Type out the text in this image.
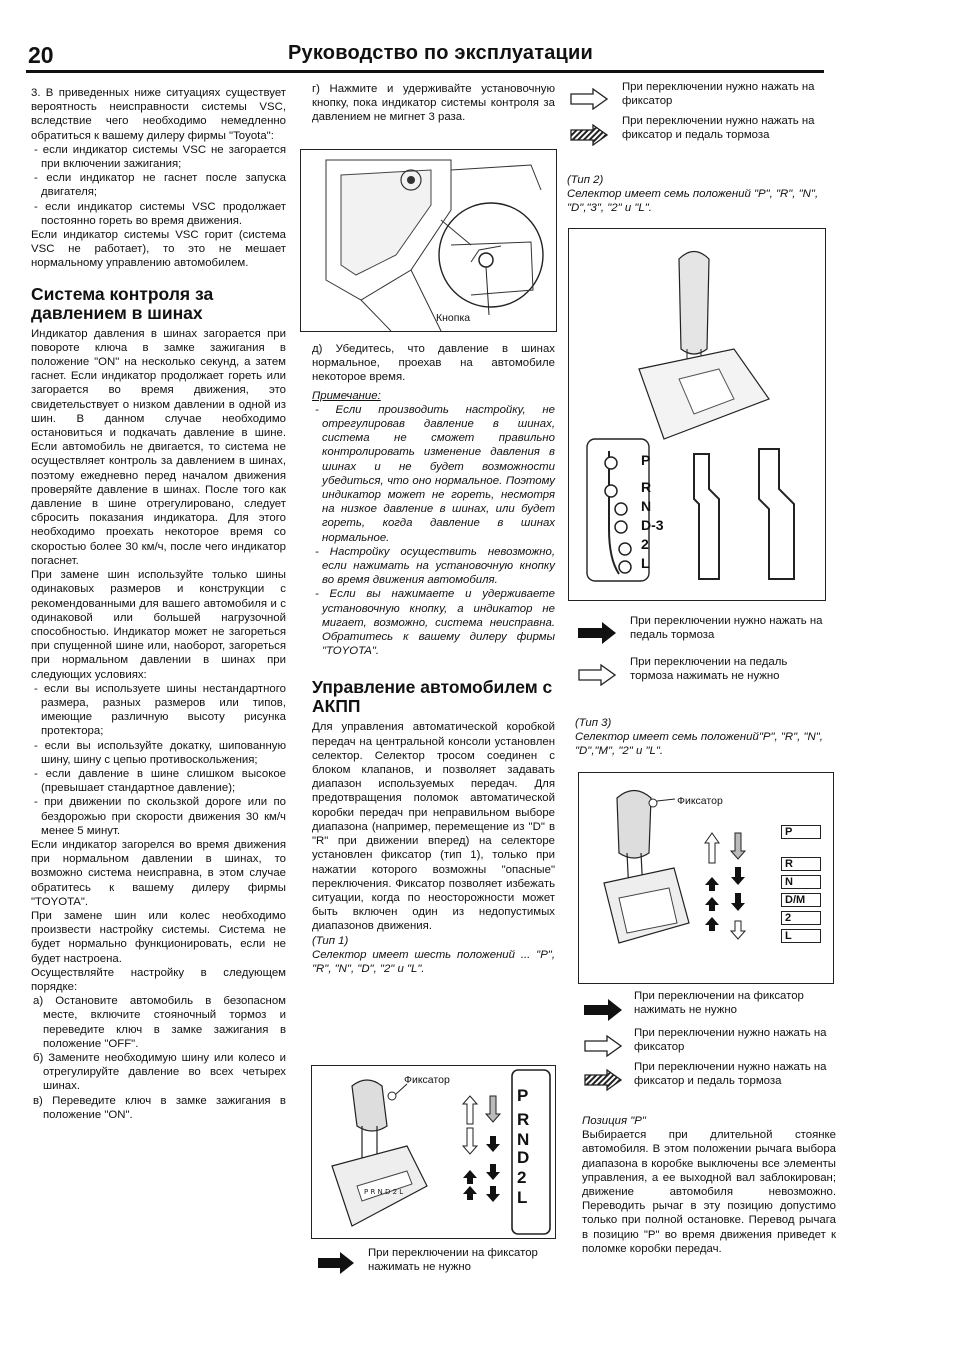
20	Руководство по эксплуатации

3. В приведенных ниже ситуациях существует вероятность неисправности системы VSC, вследствие чего необходимо немедленно обратиться к вашему дилеру фирмы "Toyota":

- если индикатор системы VSC не загорается при включении зажигания;

- если индикатор не гаснет после запуска двигателя;

- если индикатор системы VSC продолжает постоянно гореть во время движения.

Если индикатор системы VSC горит (система VSC не работает), то это не мешает нормальному управлению автомобилем.

Система контроля за давлением в шинах

Индикатор давления в шинах загорается при повороте ключа в замке зажигания в положение "ON" на несколько секунд, а затем гаснет. Если индикатор продолжает гореть или загорается во время движения, это свидетельствует о низком давлении в одной из шин. В данном случае необходимо остановиться и подкачать давление в шине. Если автомобиль не двигается, то система не осуществляет контроль за давлением в шинах, поэтому ежедневно перед началом движения проверяйте давление в шинах. После того как давление в шине отрегулировано, следует сбросить показания индикатора. Для этого необходимо проехать некоторое время со скоростью более 30 км/ч, после чего индикатор погаснет.

При замене шин используйте только шины одинаковых размеров и конструкции с рекомендованными для вашего автомобиля и с одинаковой или большей нагрузочной способностью. Индикатор может не загореться при спущенной шине или, наоборот, загореться при нормальном давлении в шинах при следующих условиях:

- если вы используете шины нестандартного размера, разных размеров или типов, имеющие различную высоту рисунка протектора;

- если вы используйте докатку, шипованную шину, шину с цепью противоскольжения;

- если давление в шине слишком высокое (превышает стандартное давление);

- при движении по скользкой дороге или по бездорожью при скорости движения 30 км/ч менее 5 минут.

Если индикатор загорелся во время движения при нормальном давлении в шинах, то возможно система неисправна, в этом случае обратитесь к вашему дилеру фирмы "TOYOTA".

При замене шин или колес необходимо произвести настройку системы. Система не будет нормально функционировать, если не будет настроена.

Осуществляйте настройку в следующем порядке:

а) Остановите автомобиль в безопасном месте, включите стояночный тормоз и переведите ключ в замке зажигания в положение "OFF".

б) Замените необходимую шину или колесо и отрегулируйте давление во всех четырех шинах.

в) Переведите ключ в замке зажигания в положение "ON".

г) Нажмите и удерживайте установочную кнопку, пока индикатор системы контроля за давлением не мигнет 3 раза.

Кнопка

д) Убедитесь, что давление в шинах нормальное, проехав на автомобиле некоторое время.

Примечание:

- Если производить настройку, не отрегулировав давление в шинах, система не сможет правильно контролировать изменение давления в шинах и не будет возможности убедиться, что оно нормальное. Поэтому индикатор может не гореть, несмотря на низкое давление в шинах, или будет гореть, когда давление в шинах нормальное.

- Настройку осуществить невозможно, если нажимать на установочную кнопку во время движения автомобиля.

- Если вы нажимаете и удерживаете установочную кнопку, а индикатор не мигает, возможно, система неисправна. Обратитесь к вашему дилеру фирмы "TOYOTA".

Управление автомобилем с АКПП

Для управления автоматической коробкой передач на центральной консоли установлен селектор. Селектор тросом соединен с блоком клапанов, и позволяет задавать диапазон используемых передач. Для предотвращения поломок автоматической коробки передач при неправильном выборе диапазона (например, перемещение из "D" в "R" при движении вперед) на селекторе установлен фиксатор (тип 1), только при нажатии которого возможны "опасные" переключения. Фиксатор позволяет избежать ситуации, когда по неосторожности может быть включен один из недопустимых диапазонов движения.

(Тип 1)

Селектор имеет шесть положений ... "P", "R", "N", "D", "2" и "L".

P R N D 2 L
Фиксатор
P
R
N
D
2
L
При переключении на фиксатор нажимать не нужно
При переключении нужно нажать на фиксатор
При переключении нужно нажать на фиксатор и педаль тормоза
(Тип 2)
Селектор имеет семь положений "P", "R", "N", "D","3", "2" и "L".
P
R
N
D-3
2
L
При переключении нужно нажать на педаль тормоза
При переключении на педаль тормоза нажимать не нужно
(Тип 3)
Селектор имеет семь положений"P", "R", "N", "D","M", "2" и "L".
Фиксатор
P
R
N
D/M
2
L
При переключении на фиксатор нажимать не нужно
При переключении нужно нажать на фиксатор
При переключении нужно нажать на фиксатор и педаль тормоза

Позиция "P"

Выбирается при длительной стоянке автомобиля. В этом положении рычага выбора диапазона в коробке выключены все элементы управления, а ее выходной вал заблокирован; движение автомобиля невозможно. Переводить рычаг в эту позицию допустимо только при полной остановке. Перевод рычага в позицию "P" во время движения приведет к поломке коробки передач.
